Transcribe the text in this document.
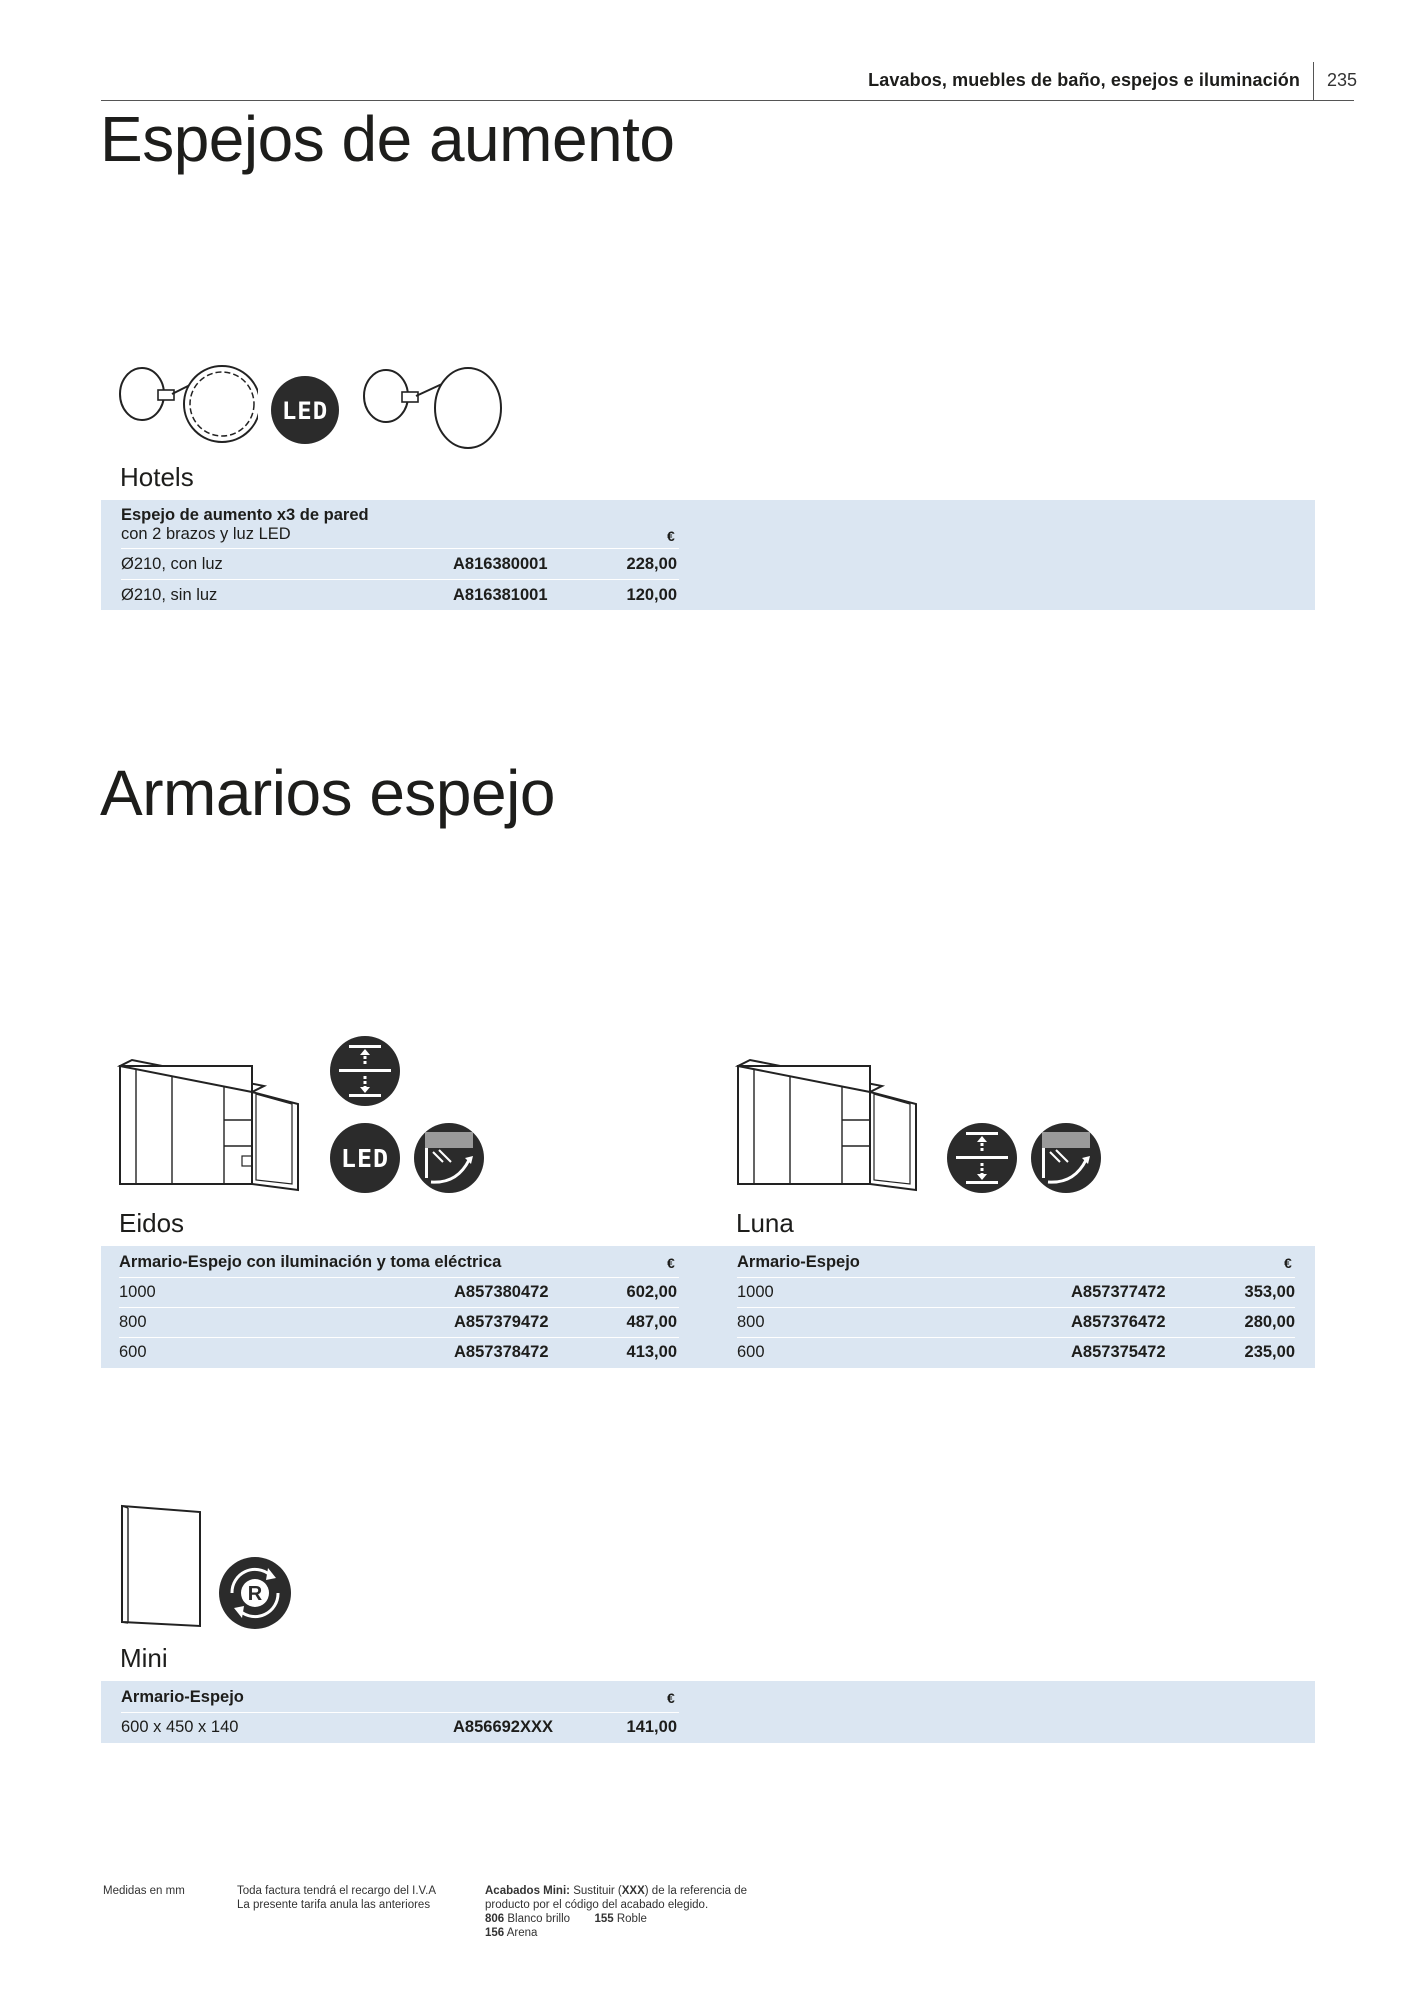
Lavabos, muebles de baño, espejos e iluminación 235
Espejos de aumento
LED
Hotels
Espejo de aumento x3 de pared
con 2 brazos y luz LED	€
Ø210, con luz	A816380001	228,00
Ø210, sin luz	A816381001	120,00
Armarios espejo
LED
Eidos	Luna
Armario-Espejo con iluminación y toma eléctrica	€
1000	A857380472	602,00
800	A857379472	487,00
600	A857378472	413,00
Armario-Espejo	€
1000	A857377472	353,00
800	A857376472	280,00
600	A857375472	235,00
R
Mini
Armario-Espejo	€
600 x 450 x 140	A856692XXX	141,00
Medidas en mm	Toda factura tendrá el recargo del I.V.A
La presente tarifa anula las anteriores
Acabados Mini: Sustituir (XXX) de la referencia de
producto por el código del acabado elegido.
806 Blanco brillo 155 Roble
156 Arena
